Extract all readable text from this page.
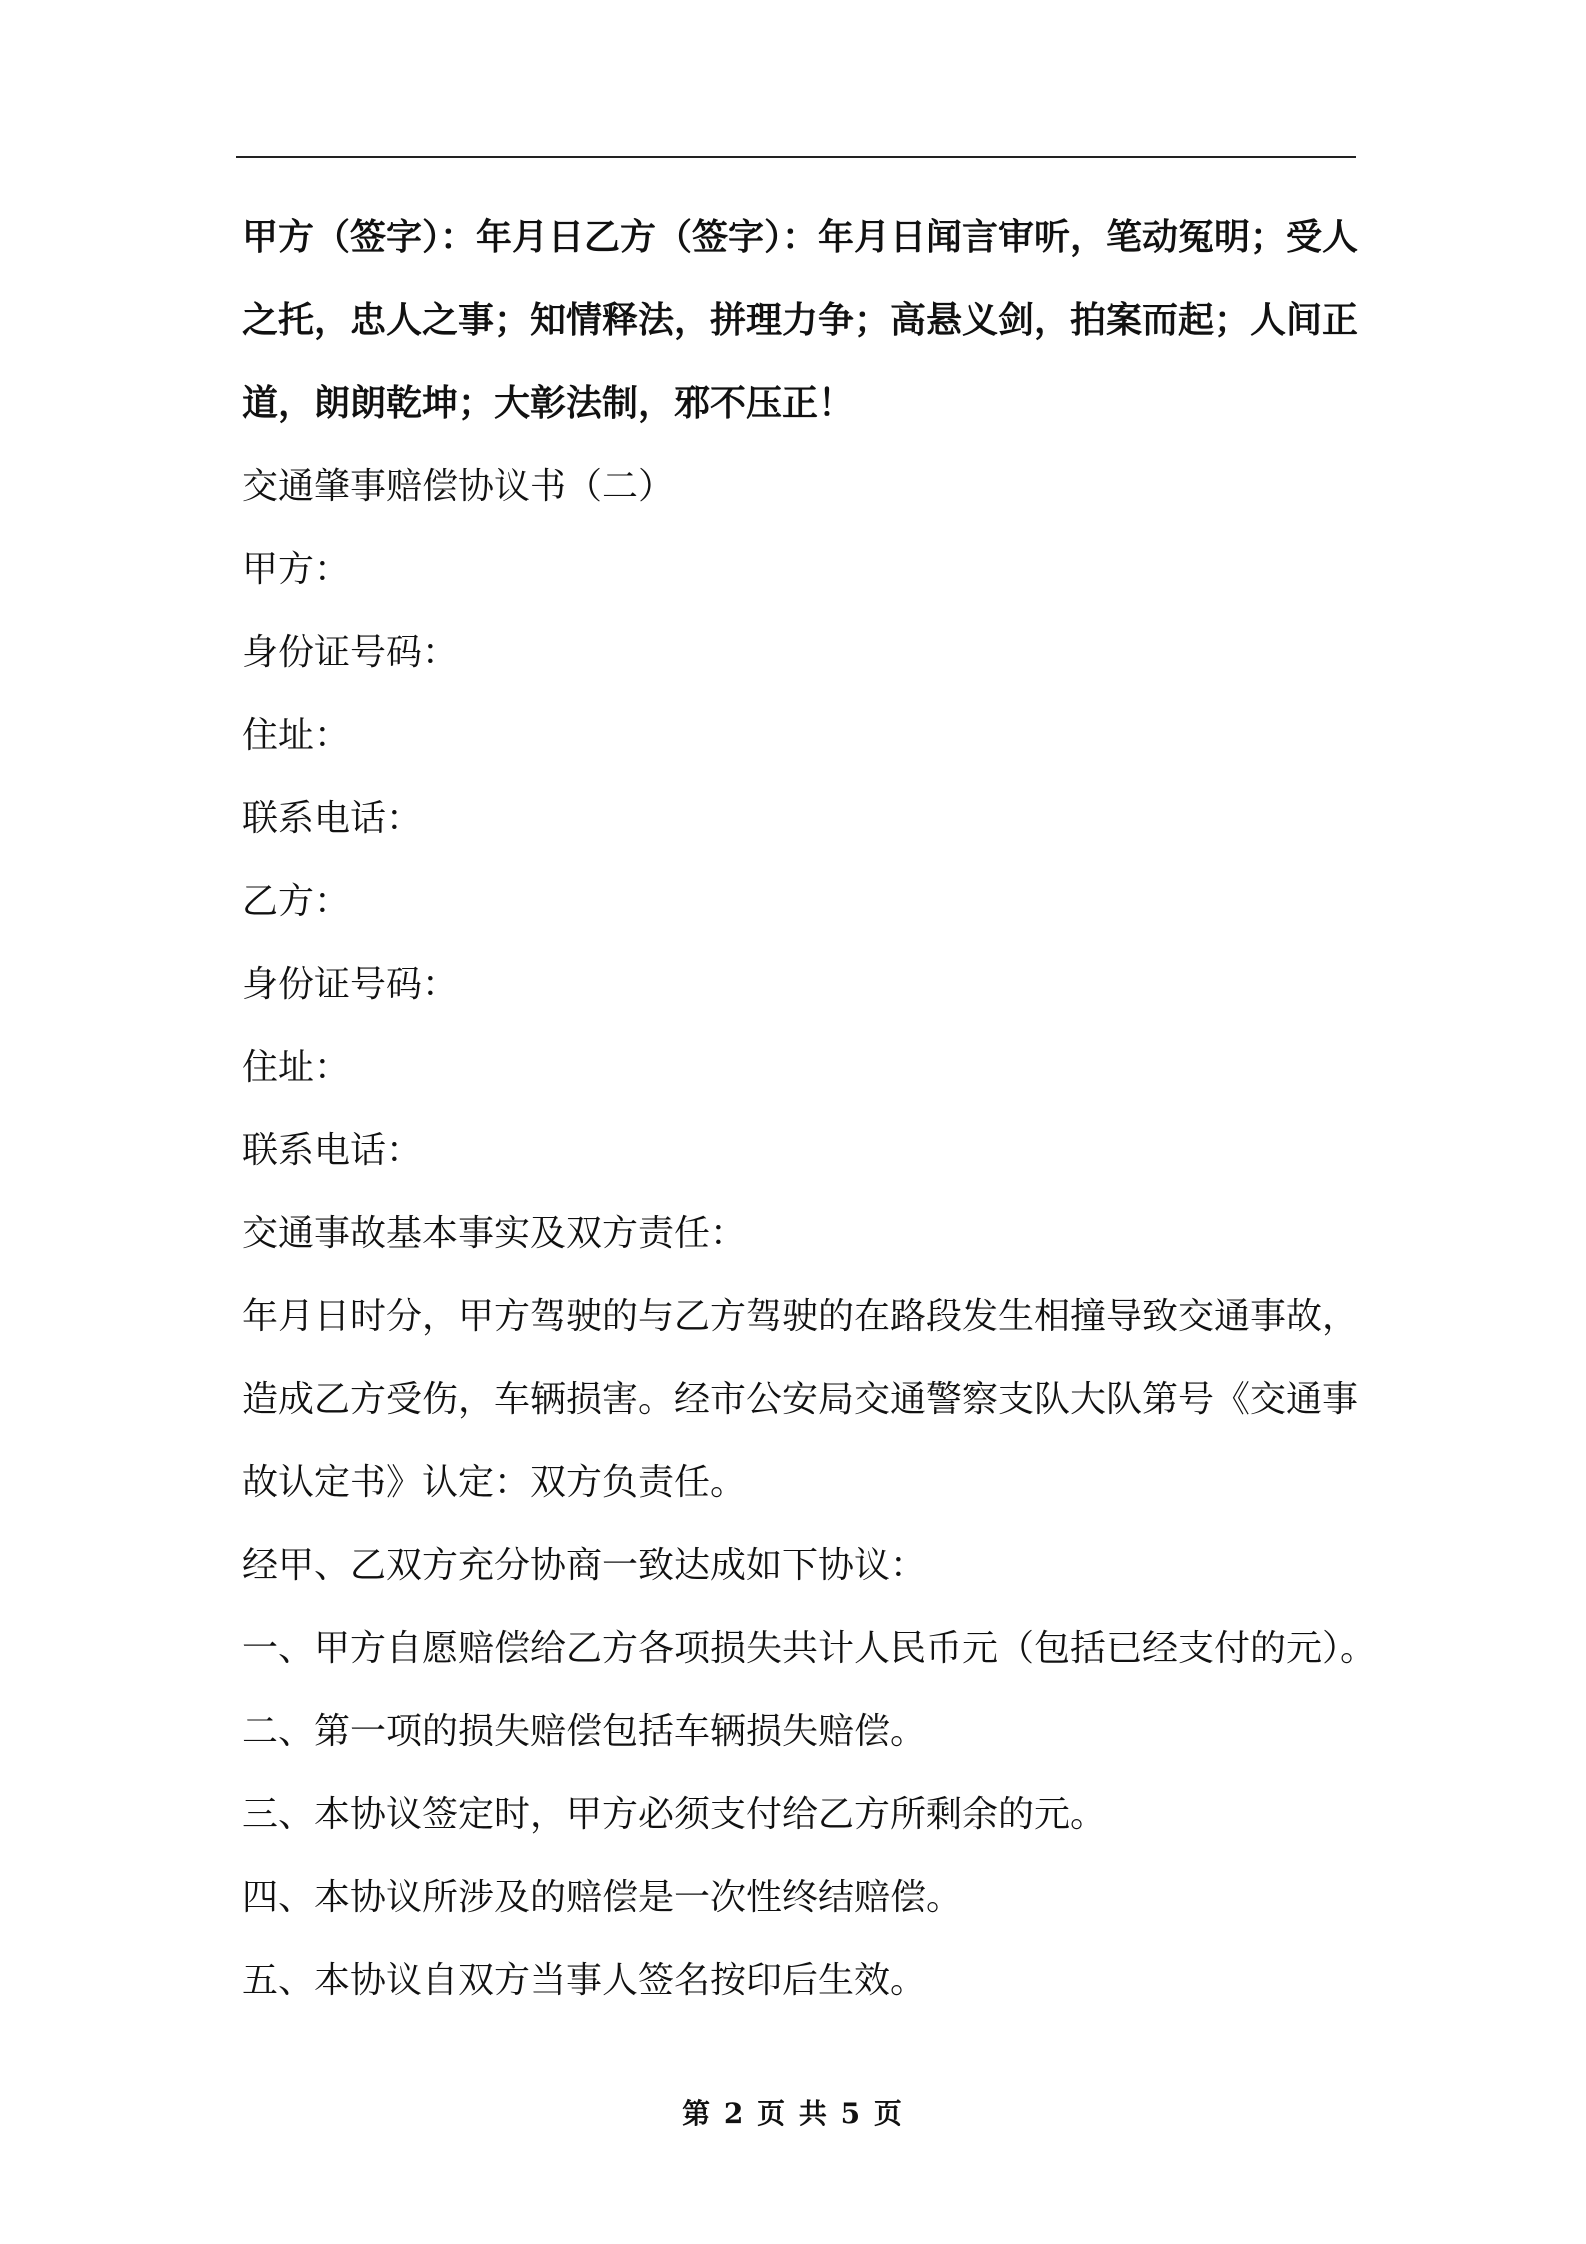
甲方（签字）：年月日乙方（签字）：年月日闻言审听，笔动冤明；受人之托，忠人之事；知情释法，拼理力争；高悬义剑，拍案而起；人间正道，朗朗乾坤；大彰法制，邪不压正！

交通肇事赔偿协议书（二）

甲方：

身份证号码：

住址：

联系电话：

乙方：

身份证号码：

住址：

联系电话：

交通事故基本事实及双方责任：

年月日时分，甲方驾驶的与乙方驾驶的在路段发生相撞导致交通事故，造成乙方受伤，车辆损害。经市公安局交通警察支队大队第号《交通事故认定书》认定：双方负责任。

经甲、乙双方充分协商一致达成如下协议：

一、甲方自愿赔偿给乙方各项损失共计人民币元（包括已经支付的元）。

二、第一项的损失赔偿包括车辆损失赔偿。

三、本协议签定时，甲方必须支付给乙方所剩余的元。

四、本协议所涉及的赔偿是一次性终结赔偿。

五、本协议自双方当事人签名按印后生效。

第 2 页 共 5 页
